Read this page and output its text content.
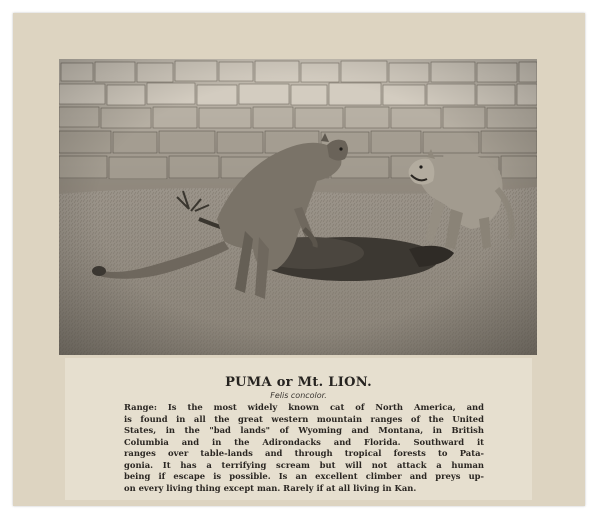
PUMA or Mt. LION.
Felis concolor.
Range: Is the most widely known cat of North America, and
is found in all the great western mountain ranges of the United
States, in the "bad lands" of Wyoming and Montana, in British
Columbia and in the Adirondacks and Florida. Southward it
ranges over table-lands and through tropical forests to Pata-
gonia. It has a terrifying scream but will not attack a human
being if escape is possible. Is an excellent climber and preys up-
on every living thing except man. Rarely if at all living in Kan.
